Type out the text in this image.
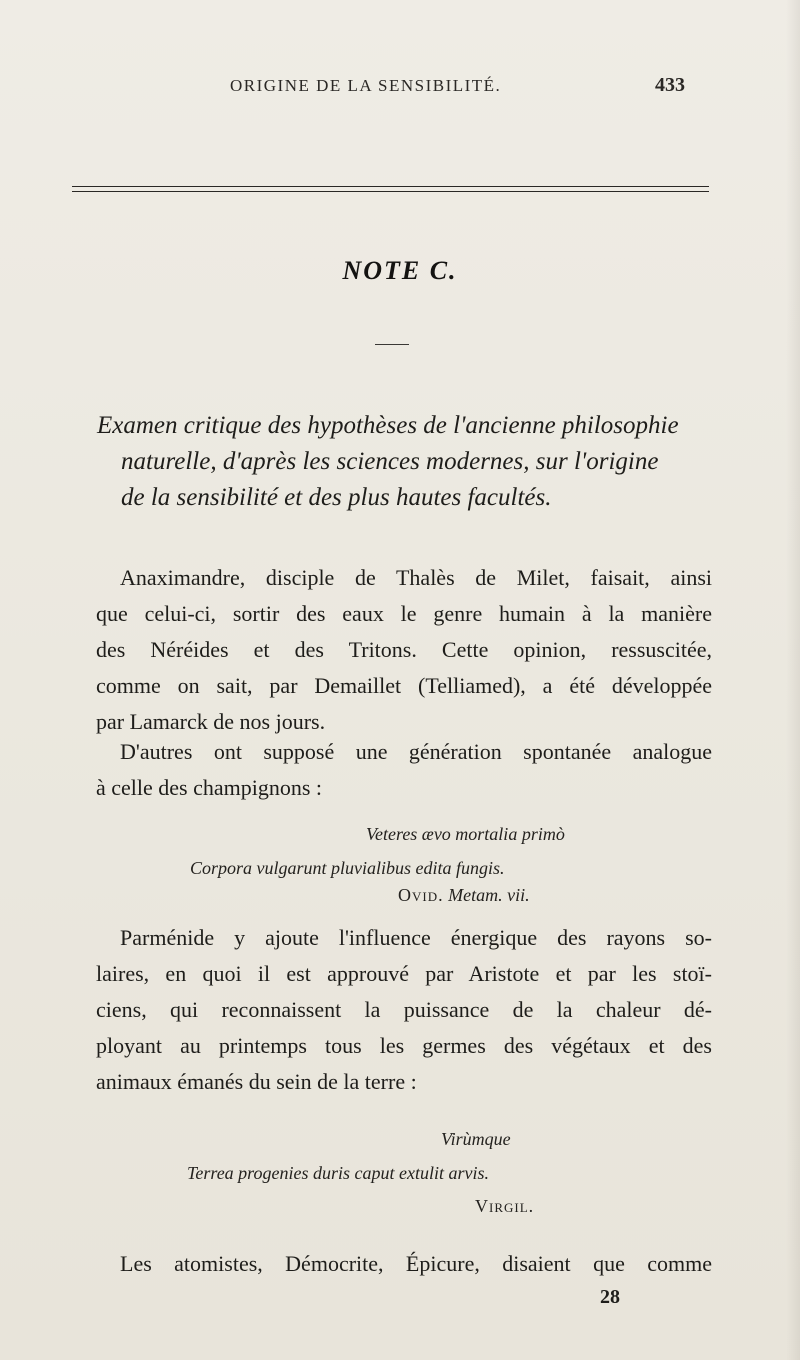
ORIGINE DE LA SENSIBILITÉ.	433
NOTE C.
Examen critique des hypothèses de l'ancienne philosophie
naturelle, d'après les sciences modernes, sur l'origine
de la sensibilité et des plus hautes facultés.
Anaximandre, disciple de Thalès de Milet, faisait, ainsi
que celui-ci, sortir des eaux le genre humain à la manière
des Néréides et des Tritons. Cette opinion, ressuscitée,
comme on sait, par Demaillet (Telliamed), a été développée
par Lamarck de nos jours.
D'autres ont supposé une génération spontanée analogue
à celle des champignons :
Veteres ævo mortalia primò
Corpora vulgarunt pluvialibus edita fungis.
Ovid. Metam. vii.
Parménide y ajoute l'influence énergique des rayons so-
laires, en quoi il est approuvé par Aristote et par les stoï-
ciens, qui reconnaissent la puissance de la chaleur dé-
ployant au printemps tous les germes des végétaux et des
animaux émanés du sein de la terre :
Virùmque
Terrea progenies duris caput extulit arvis.
Virgil.
Les atomistes, Démocrite, Épicure, disaient que comme
28
